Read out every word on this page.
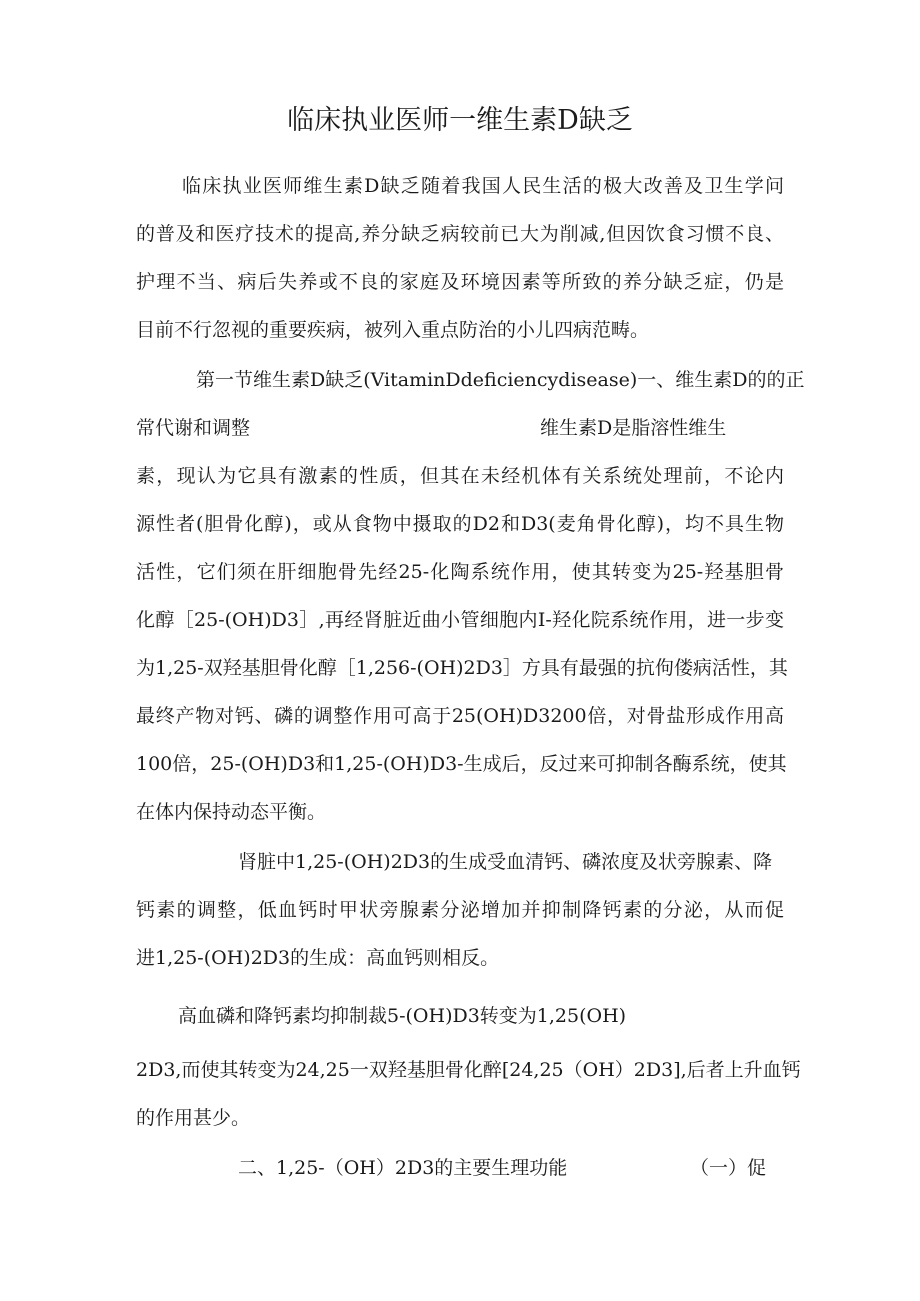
临床执业医师一维生素D缺乏
临床执业医师维生素D缺乏随着我国人民生活的极大改善及卫生学问
的普及和医疗技术的提高,养分缺乏病较前已大为削减,但因饮食习惯不良、
护理不当、病后失养或不良的家庭及环境因素等所致的养分缺乏症，仍是
目前不行忽视的重要疾病，被列入重点防治的小儿四病范畴。
第一节维生素D缺乏(VitaminDdeficiencydisease)一、维生素D的的正
常代谢和调整	维生素D是脂溶性维生
素，现认为它具有激素的性质，但其在未经机体有关系统处理前，不论内
源性者(胆骨化醇)，或从食物中摄取的D2和D3(麦角骨化醇)，均不具生物
活性，它们须在肝细胞骨先经25-化陶系统作用，使其转变为25-羟基胆骨
化醇［25-(OH)D3］,再经肾脏近曲小管细胞内I-羟化院系统作用，进一步变
为1,25-双羟基胆骨化醇［1,256-(OH)2D3］方具有最强的抗佝偻病活性，其
最终产物对钙、磷的调整作用可高于25(OH)D3200倍，对骨盐形成作用高
100倍，25-(OH)D3和1,25-(OH)D3-生成后，反过来可抑制各酶系统，使其
在体内保持动态平衡。
肾脏中1,25-(OH)2D3的生成受血清钙、磷浓度及状旁腺素、降
钙素的调整，低血钙时甲状旁腺素分泌增加并抑制降钙素的分泌，从而促
进1,25-(OH)2D3的生成：高血钙则相反。
高血磷和降钙素均抑制裁5-(OH)D3转变为1,25(OH)
2D3,而使其转变为24,25一双羟基胆骨化醉[24,25（OH）2D3],后者上升血钙
的作用甚少。
二、1,25-（OH）2D3的主要生理功能	（一）促
